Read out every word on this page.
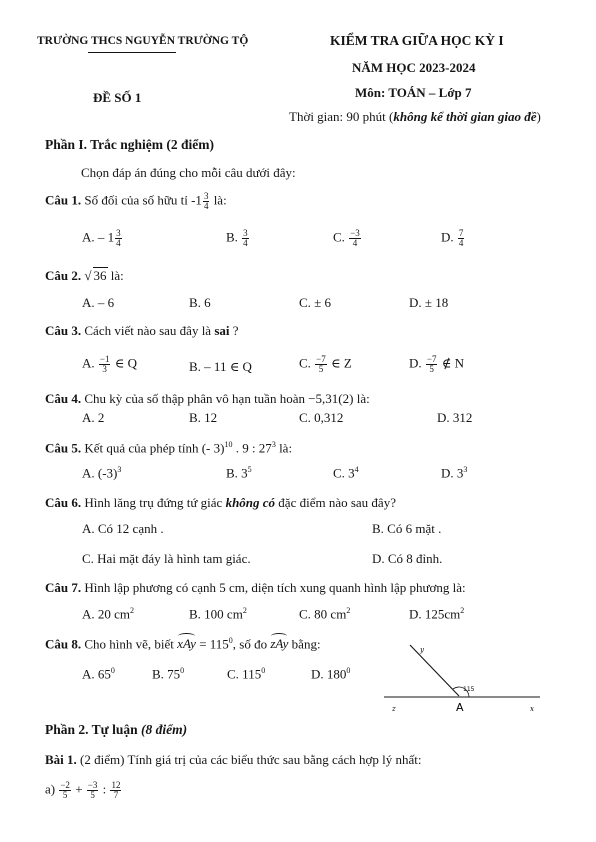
TRƯỜNG THCS NGUYỄN TRƯỜNG TỘ	KIỂM TRA GIỮA HỌC KỲ I
NĂM HỌC 2023-2024
ĐỀ SỐ 1	Môn: TOÁN – Lớp 7
Thời gian: 90 phút (không kể thời gian giao đề)
Phần I. Trắc nghiệm (2 điểm)
Chọn đáp án đúng cho mỗi câu dưới đây:
Câu 1. Số đối của số hữu tỉ $-1 \frac{3}{4}$ là:
A. – $1 \frac{3}{4}$	B. $\frac{3}{4}$	C. $\frac{-3}{4}$	D. $\frac{7}{4}$
Câu 2. √ 36 là:
A. – 6	B. 6	C. ± 6	D. ± 18
Câu 3. Cách viết nào sau đây là sai ?
A. $\frac{-1}{3}$ ∈ Q	B. – 11 ∈ Q	C. $\frac{-7}{5}$ ∈ Z	D. $\frac{-7}{5}$ ∉ N
Câu 4. Chu kỳ của số thập phân vô hạn tuần hoàn −5,31(2) là:
A. 2	B. 12	C. 0,312	D. 312
Câu 5. Kết quả của phép tính (- 3)$^{10}$ . 9 : $27^3$ là:
A. $(-3)^3$	B. $3^5$	C. $3^4$	D. $3^3$
Câu 6. Hình lăng trụ đứng tứ giác không có đặc điểm nào sau đây?
A. Có 12 cạnh .	B. Có 6 mặt .
C. Hai mặt đáy là hình tam giác.	D. Có 8 đỉnh.
Câu 7. Hình lập phương có cạnh 5 cm, diện tích xung quanh hình lập phương là:
A. 20 $cm^2$	B. 100 $cm^2$	C. 80 $cm^2$	D. $125cm^2$
Câu 8. Cho hình vẽ, biết xAy = $115^0$, số đo zAy bằng:
A. $65^0$	B. $75^0$	C. $115^0$	D. $180^0$
y
115
z	A	x
Phần 2. Tự luận (8 điểm)
Bài 1. (2 điểm) Tính giá trị của các biểu thức sau bằng cách hợp lý nhất:
$a) \frac{-2}{5} + \frac{-3}{5}$ : $\frac{12}{7}$
